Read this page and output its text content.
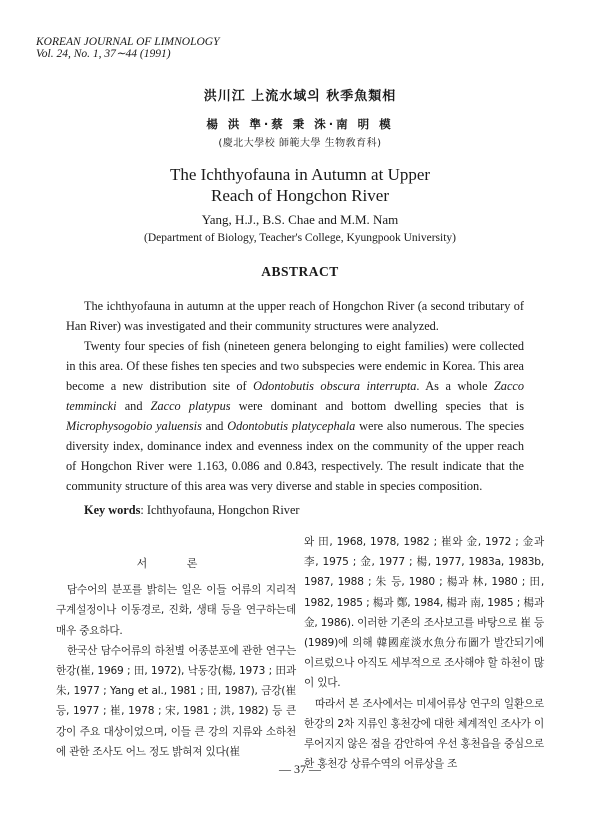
KOREAN JOURNAL OF LIMNOLOGY
Vol. 24, No. 1, 37∼44 (1991)
洪川江 上流水域의 秋季魚類相
楊 洪 準·蔡 秉 洙·南 明 模
(慶北大學校 師範大學 生物敎育科)
The Ichthyofauna in Autumn at Upper
Reach of Hongchon River
Yang, H.J., B.S. Chae and M.M. Nam
(Department of Biology, Teacher's College, Kyungpook University)
ABSTRACT

The ichthyofauna in autumn at the upper reach of Hongchon River (a second tributary of Han River) was investigated and their community structures were analyzed.

Twenty four species of fish (nineteen genera belonging to eight families) were collected in this area. Of these fishes ten species and two subspecies were endemic in Korea. This area become a new distribution site of Odontobutis obscura interrupta. As a whole Zacco temmincki and Zacco platypus were dominant and bottom dwelling species that is Microphysogobio yaluensis and Odontobutis platycephala were also numerous. The species diversity index, dominance index and evenness index on the community of the upper reach of Hongchon River were 1.163, 0.086 and 0.843, respectively. The result indicate that the community structure of this area was very diverse and stable in species composition.

Key words: Ichthyofauna, Hongchon River
서 론

담수어의 분포를 밝히는 일은 이들 어류의 지리적 구계설정이나 이동경로, 진화, 생태 등을 연구하는데 매우 중요하다.

한국산 담수어류의 하천별 어종분포에 관한 연구는 한강(崔, 1969 ; 田, 1972), 낙동강(楊, 1973 ; 田과 朱, 1977 ; Yang et al., 1981 ; 田, 1987), 금강(崔 등, 1977 ; 崔, 1978 ; 宋, 1981 ; 洪, 1982) 등 큰 강이 주요 대상이었으며, 이들 큰 강의 지류와 소하천에 관한 조사도 어느 정도 밝혀져 있다(崔

와 田, 1968, 1978, 1982 ; 崔와 金, 1972 ; 金과 李, 1975 ; 金, 1977 ; 楊, 1977, 1983a, 1983b, 1987, 1988 ; 朱 등, 1980 ; 楊과 林, 1980 ; 田, 1982, 1985 ; 楊과 鄭, 1984, 楊과 南, 1985 ; 楊과 金, 1986). 이러한 기존의 조사보고를 바탕으로 崔 등(1989)에 의해 韓國産淡水魚分布圖가 발간되기에 이르렀으나 아직도 세부적으로 조사해야 할 하천이 많이 있다.

따라서 본 조사에서는 미세어류상 연구의 일환으로 한강의 2차 지류인 홍천강에 대한 체계적인 조사가 이루어지지 않은 점을 감안하여 우선 홍천읍을 중심으로 한 홍천강 상류수역의 어류상을 조

— 37 —
